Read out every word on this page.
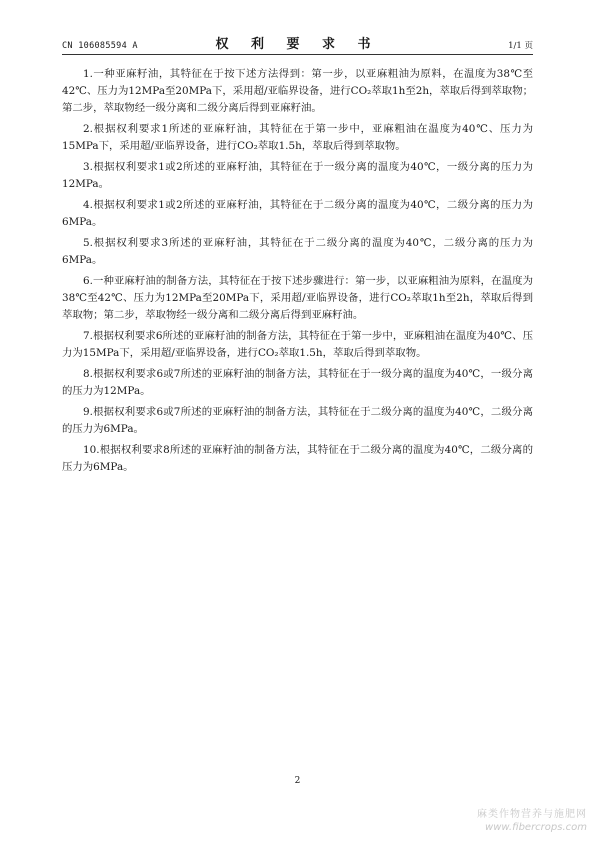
CN 106085594 A	权 利 要 求 书	1/1 页

1.一种亚麻籽油，其特征在于按下述方法得到：第一步，以亚麻粗油为原料，在温度为38℃至42℃、压力为12MPa至20MPa下，采用超/亚临界设备，进行CO₂萃取1h至2h，萃取后得到萃取物；第二步，萃取物经一级分离和二级分离后得到亚麻籽油。

2.根据权利要求1所述的亚麻籽油，其特征在于第一步中，亚麻粗油在温度为40℃、压力为15MPa下，采用超/亚临界设备，进行CO₂萃取1.5h，萃取后得到萃取物。

3.根据权利要求1或2所述的亚麻籽油，其特征在于一级分离的温度为40℃，一级分离的压力为12MPa。

4.根据权利要求1或2所述的亚麻籽油，其特征在于二级分离的温度为40℃，二级分离的压力为6MPa。

5.根据权利要求3所述的亚麻籽油，其特征在于二级分离的温度为40℃，二级分离的压力为6MPa。

6.一种亚麻籽油的制备方法，其特征在于按下述步骤进行：第一步，以亚麻粗油为原料，在温度为38℃至42℃、压力为12MPa至20MPa下，采用超/亚临界设备，进行CO₂萃取1h至2h，萃取后得到萃取物；第二步，萃取物经一级分离和二级分离后得到亚麻籽油。

7.根据权利要求6所述的亚麻籽油的制备方法，其特征在于第一步中，亚麻粗油在温度为40℃、压力为15MPa下，采用超/亚临界设备，进行CO₂萃取1.5h，萃取后得到萃取物。

8.根据权利要求6或7所述的亚麻籽油的制备方法，其特征在于一级分离的温度为40℃，一级分离的压力为12MPa。

9.根据权利要求6或7所述的亚麻籽油的制备方法，其特征在于二级分离的温度为40℃，二级分离的压力为6MPa。

10.根据权利要求8所述的亚麻籽油的制备方法，其特征在于二级分离的温度为40℃，二级分离的压力为6MPa。

2
麻类作物营养与施肥网
www.fibercrops.com
